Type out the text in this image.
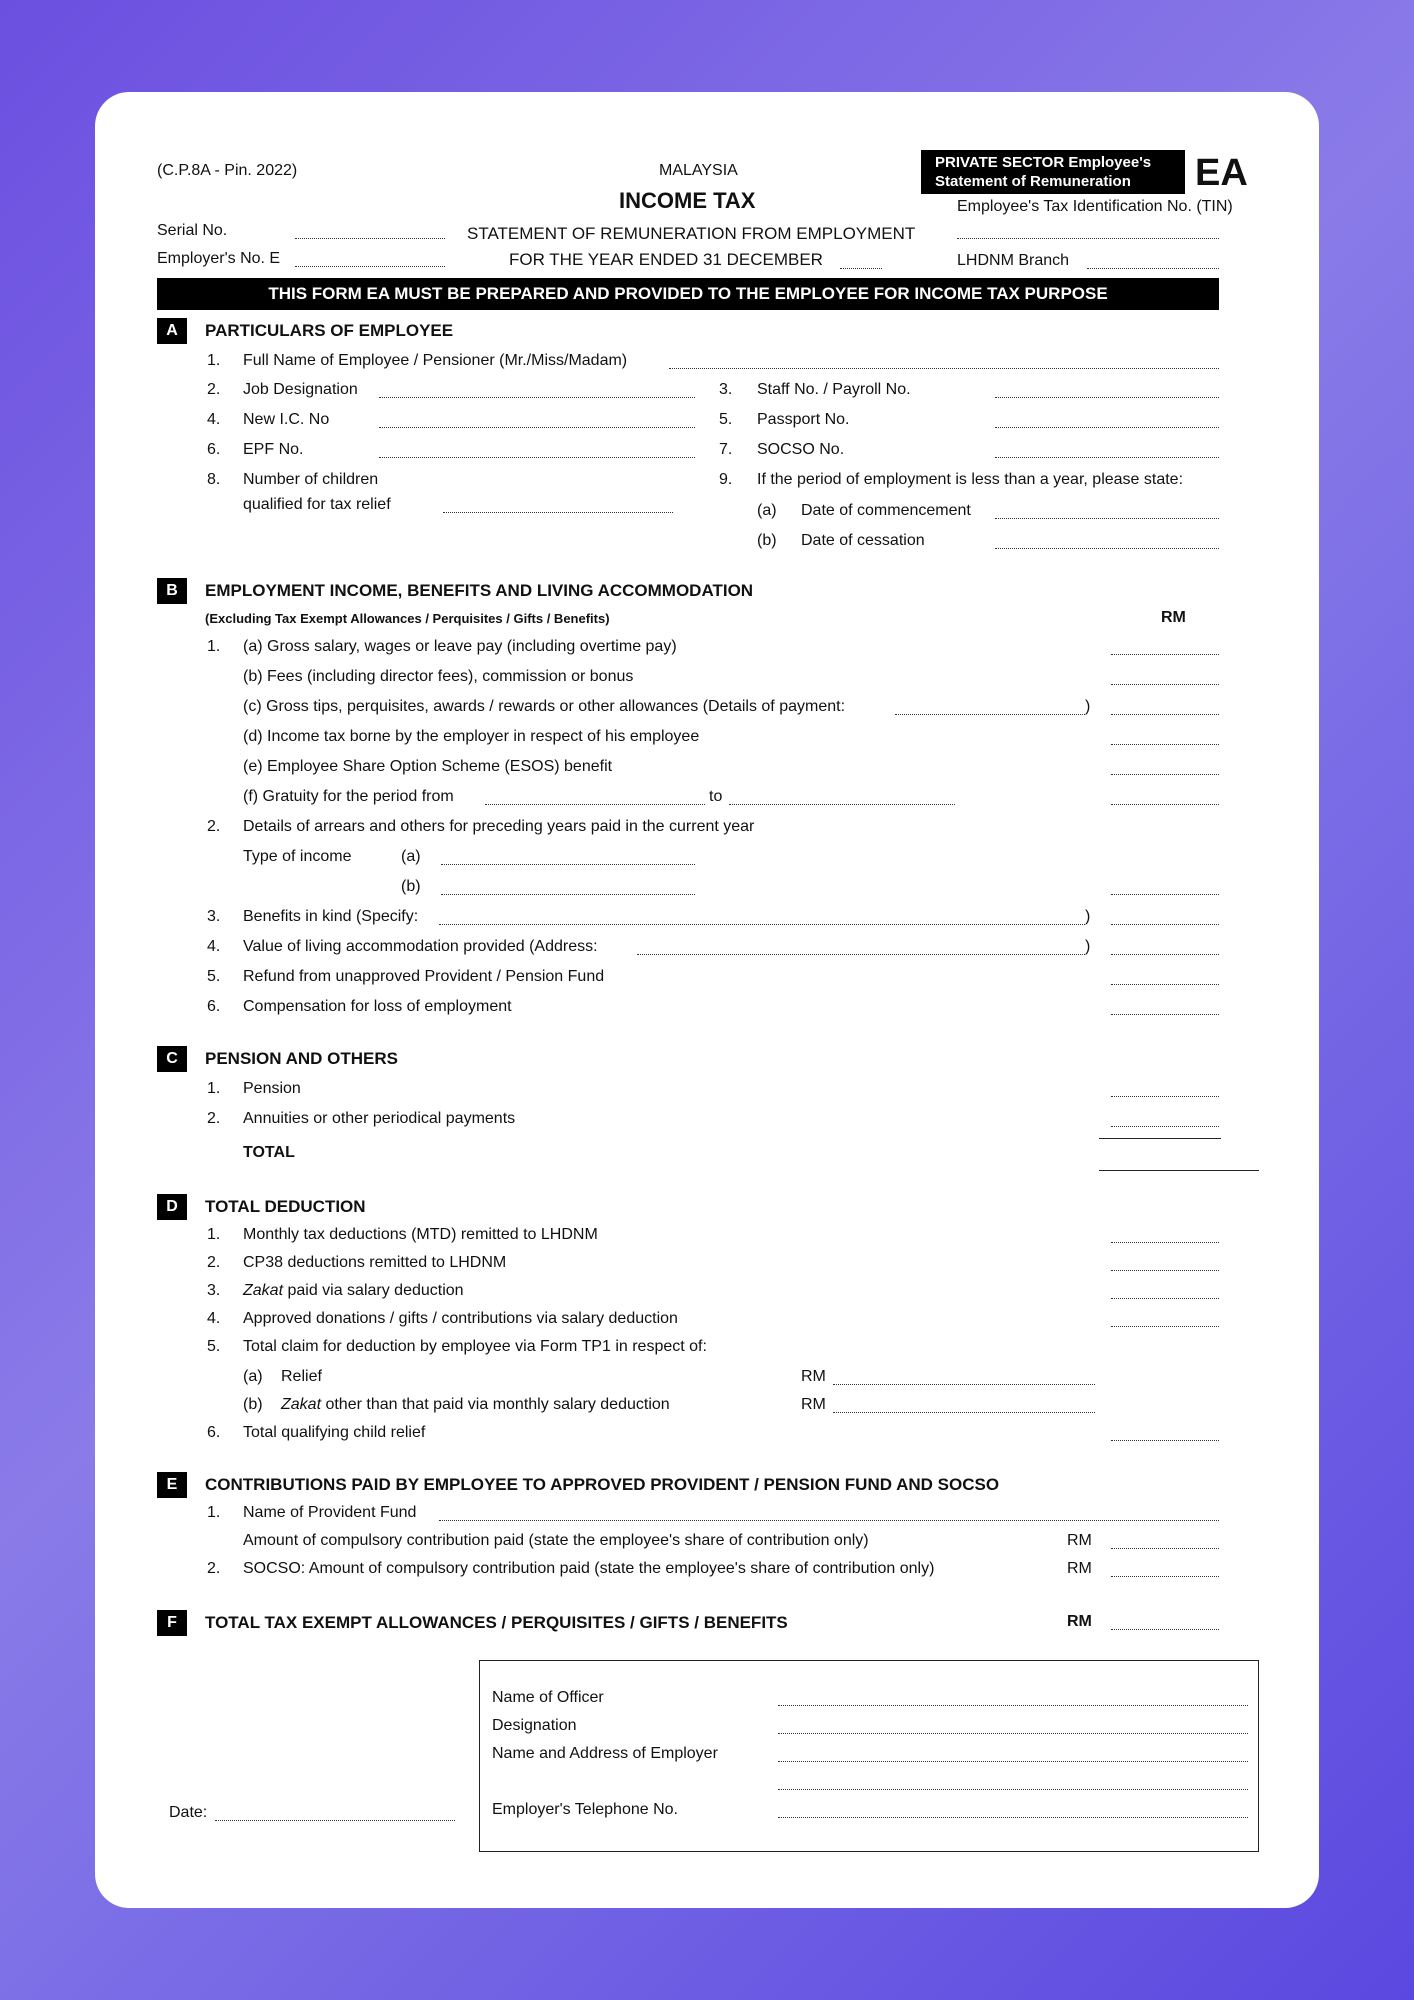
(C.P.8A - Pin. 2022)	MALAYSIA
INCOME TAX
STATEMENT OF REMUNERATION FROM EMPLOYMENT
FOR THE YEAR ENDED 31 DECEMBER
Serial No.
Employer's No. E
PRIVATE SECTOR Employee's
Statement of Remuneration EA
Employee's Tax Identification No. (TIN)
LHDNM Branch
THIS FORM EA MUST BE PREPARED AND PROVIDED TO THE EMPLOYEE FOR INCOME TAX PURPOSE
A	PARTICULARS OF EMPLOYEE
1. Full Name of Employee / Pensioner (Mr./Miss/Madam)
2. Job Designation	3. Staff No. / Payroll No.
4. New I.C. No	5. Passport No.
6. EPF No.	7. SOCSO No.
8. Number of children
qualified for tax relief
9. If the period of employment is less than a year, please state:
(a) Date of commencement
(b) Date of cessation
B	EMPLOYMENT INCOME, BENEFITS AND LIVING ACCOMMODATION
(Excluding Tax Exempt Allowances / Perquisites / Gifts / Benefits)	RM
1. (a) Gross salary, wages or leave pay (including overtime pay)
(b) Fees (including director fees), commission or bonus
(c) Gross tips, perquisites, awards / rewards or other allowances (Details of payment:	)
(d) Income tax borne by the employer in respect of his employee
(e) Employee Share Option Scheme (ESOS) benefit
(f) Gratuity for the period from	to
2. Details of arrears and others for preceding years paid in the current year
Type of income	(a)
(b)
3. Benefits in kind (Specify:	)
4. Value of living accommodation provided (Address:	)
5. Refund from unapproved Provident / Pension Fund
6. Compensation for loss of employment
C	PENSION AND OTHERS
1. Pension
2. Annuities or other periodical payments
TOTAL
D	TOTAL DEDUCTION
1. Monthly tax deductions (MTD) remitted to LHDNM
2. CP38 deductions remitted to LHDNM
3. Zakat paid via salary deduction
4. Approved donations / gifts / contributions via salary deduction
5. Total claim for deduction by employee via Form TP1 in respect of:
(a) Relief	RM
(b) Zakat other than that paid via monthly salary deduction	RM
6. Total qualifying child relief
E	CONTRIBUTIONS PAID BY EMPLOYEE TO APPROVED PROVIDENT / PENSION FUND AND SOCSO
1. Name of Provident Fund
Amount of compulsory contribution paid (state the employee's share of contribution only)	RM
2. SOCSO: Amount of compulsory contribution paid (state the employee's share of contribution only)	RM
F	TOTAL TAX EXEMPT ALLOWANCES / PERQUISITES / GIFTS / BENEFITS	RM
Date:
Name of Officer
Designation
Name and Address of Employer
Employer's Telephone No.
